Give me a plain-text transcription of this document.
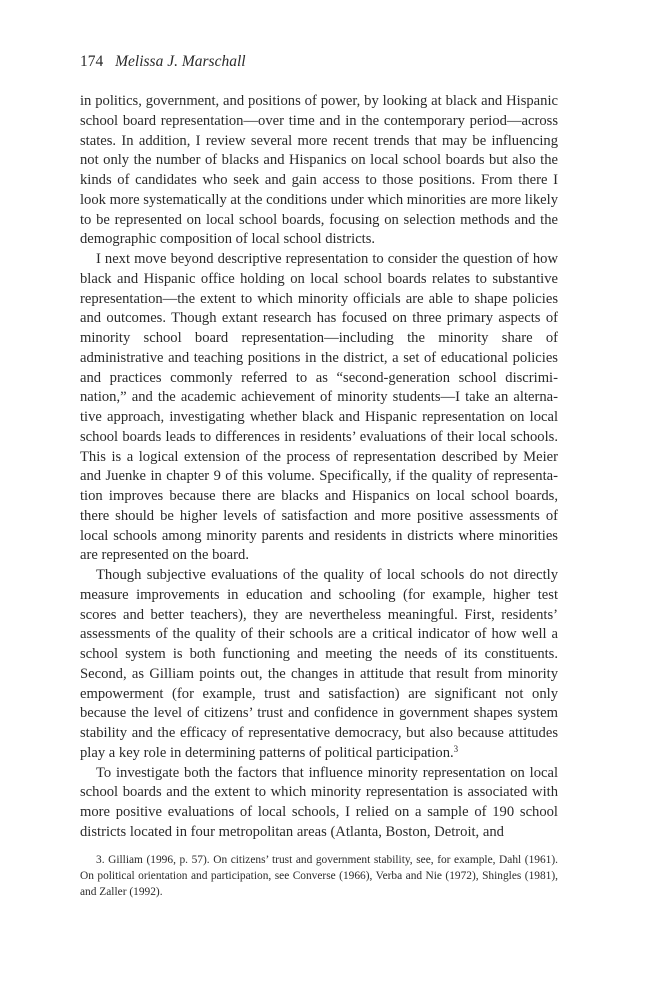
174 Melissa J. Marschall

in politics, government, and positions of power, by looking at black and Hispanic school board representation—over time and in the contemporary period—across states. In addition, I review several more recent trends that may be influencing not only the number of blacks and Hispanics on local school boards but also the kinds of candidates who seek and gain access to those positions. From there I look more systematically at the conditions under which minorities are more likely to be represented on local school boards, focusing on selection methods and the demographic composition of local school districts.

I next move beyond descriptive representation to consider the question of how black and Hispanic office holding on local school boards relates to substantive representation—the extent to which minority officials are able to shape policies and outcomes. Though extant research has focused on three primary aspects of minority school board representation—including the minority share of administrative and teaching positions in the district, a set of educational policies and practices commonly referred to as “second-generation school discrimination,” and the academic achievement of minority students—I take an alternative approach, investigating whether black and Hispanic representation on local school boards leads to differences in residents’ evaluations of their local schools. This is a logical extension of the process of representation described by Meier and Juenke in chapter 9 of this volume. Specifically, if the quality of representation improves because there are blacks and Hispanics on local school boards, there should be higher levels of satisfaction and more positive assessments of local schools among minority parents and residents in districts where minorities are represented on the board.

Though subjective evaluations of the quality of local schools do not directly measure improvements in education and schooling (for example, higher test scores and better teachers), they are nevertheless meaningful. First, residents’ assessments of the quality of their schools are a critical indicator of how well a school system is both functioning and meeting the needs of its constituents. Second, as Gilliam points out, the changes in attitude that result from minority empowerment (for example, trust and satisfaction) are significant not only because the level of citizens’ trust and confidence in government shapes system stability and the efficacy of representative democracy, but also because attitudes play a key role in determining patterns of political participation.$^3$

To investigate both the factors that influence minority representation on local school boards and the extent to which minority representation is associated with more positive evaluations of local schools, I relied on a sample of 190 school districts located in four metropolitan areas (Atlanta, Boston, Detroit, and

3. Gilliam (1996, p. 57). On citizens’ trust and government stability, see, for example, Dahl (1961). On political orientation and participation, see Converse (1966), Verba and Nie (1972), Shingles (1981), and Zaller (1992).
